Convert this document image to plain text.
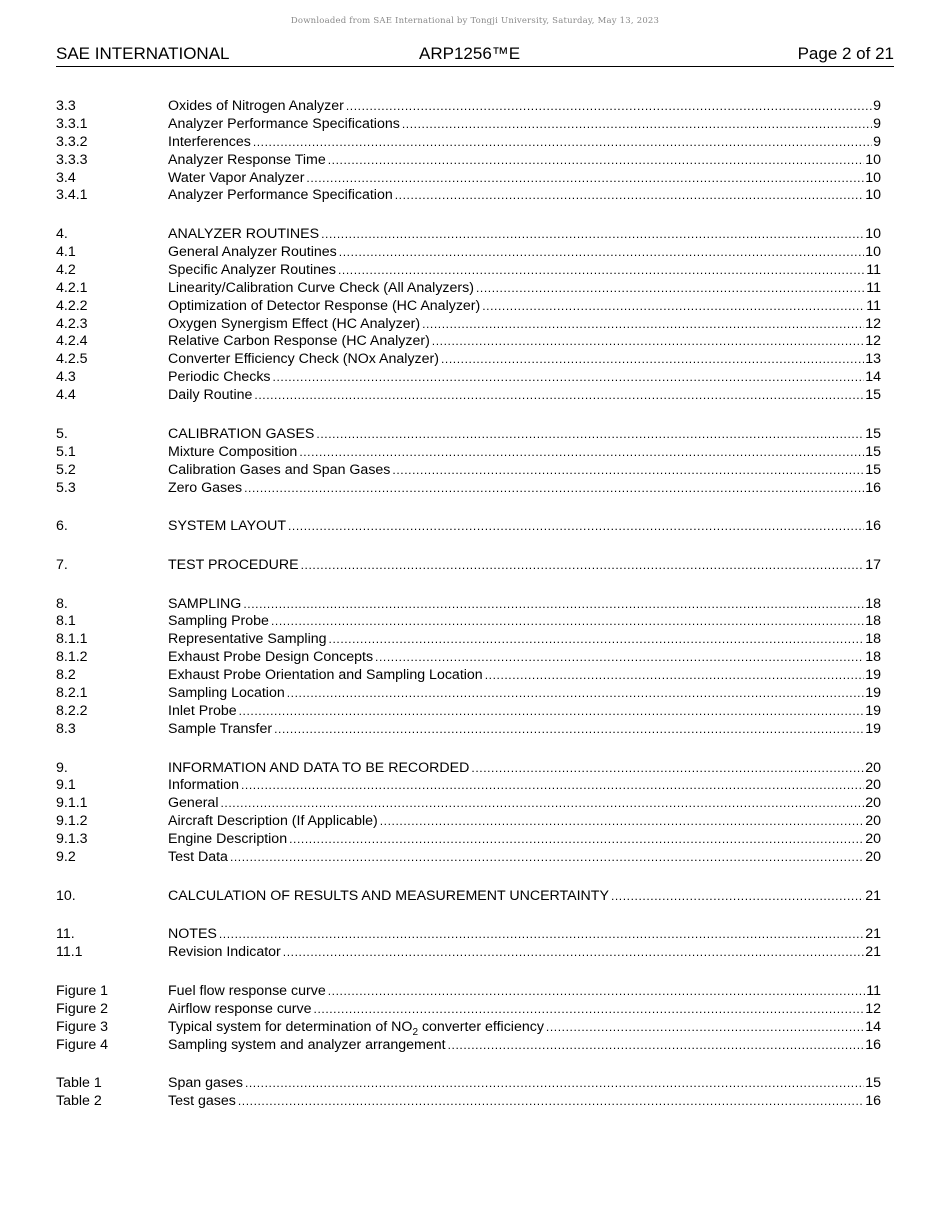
Downloaded from SAE International by Tongji University, Saturday, May 13, 2023
SAE INTERNATIONAL	ARP1256™E	Page 2 of 21
3.3	Oxides of Nitrogen Analyzer .....	9
3.3.1	Analyzer Performance Specifications .....	9
3.3.2	Interferences .....	9
3.3.3	Analyzer Response Time .....	10
3.4	Water Vapor Analyzer .....	10
3.4.1	Analyzer Performance Specification .....	10
4.	ANALYZER ROUTINES .....	10
4.1	General Analyzer Routines .....	10
4.2	Specific Analyzer Routines .....	11
4.2.1	Linearity/Calibration Curve Check (All Analyzers) .....	11
4.2.2	Optimization of Detector Response (HC Analyzer) .....	11
4.2.3	Oxygen Synergism Effect (HC Analyzer) .....	12
4.2.4	Relative Carbon Response (HC Analyzer) .....	12
4.2.5	Converter Efficiency Check (NOx Analyzer) .....	13
4.3	Periodic Checks .....	14
4.4	Daily Routine .....	15
5.	CALIBRATION GASES .....	15
5.1	Mixture Composition .....	15
5.2	Calibration Gases and Span Gases .....	15
5.3	Zero Gases .....	16
6.	SYSTEM LAYOUT .....	16
7.	TEST PROCEDURE .....	17
8.	SAMPLING .....	18
8.1	Sampling Probe .....	18
8.1.1	Representative Sampling .....	18
8.1.2	Exhaust Probe Design Concepts .....	18
8.2	Exhaust Probe Orientation and Sampling Location .....	19
8.2.1	Sampling Location .....	19
8.2.2	Inlet Probe .....	19
8.3	Sample Transfer .....	19
9.	INFORMATION AND DATA TO BE RECORDED .....	20
9.1	Information .....	20
9.1.1	General .....	20
9.1.2	Aircraft Description (If Applicable) .....	20
9.1.3	Engine Description .....	20
9.2	Test Data .....	20
10.	CALCULATION OF RESULTS AND MEASUREMENT UNCERTAINTY .....	21
11.	NOTES .....	21
11.1	Revision Indicator .....	21
Figure 1	Fuel flow response curve .....	11
Figure 2	Airflow response curve .....	12
Figure 3	Typical system for determination of $NO_2$ converter efficiency .....	14
Figure 4	Sampling system and analyzer arrangement .....	16
Table 1	Span gases .....	15
Table 2	Test gases .....	16
